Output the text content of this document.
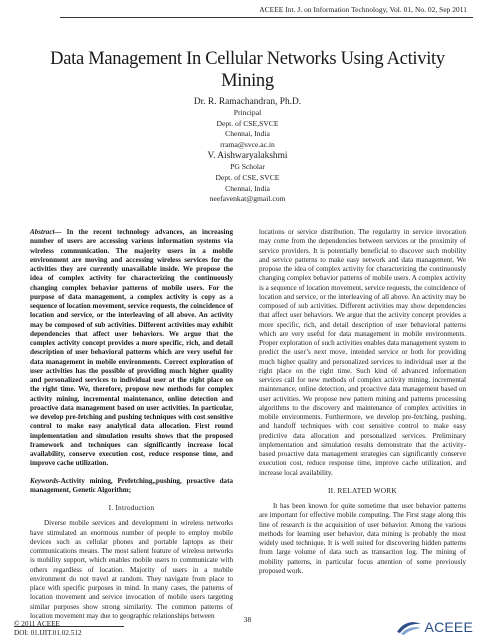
ACEEE Int. J. on Information Technology, Vol. 01, No. 02, Sep 2011
Data Management In Cellular Networks Using Activity Mining
Dr. R. Ramachandran, Ph.D.
Principal
Dept. of CSE,SVCE
Chennai, India
rrama@svce.ac.in
V. Aishwaryalakshmi
PG Scholar
Dept. of CSE, SVCE
Chennai, India
neefavenkat@gmail.com

Abstract— In the recent technology advances, an increasing number of users are accessing various information systems via wireless communication. The majority users in a mobile environment are moving and accessing wireless services for the activities they are currently unavailable inside. We propose the idea of complex activity for characterizing the continuously changing complex behavior patterns of mobile users. For the purpose of data management, a complex activity is copy as a sequence of location movement, service requests, the coincidence of location and service, or the interleaving of all above. An activity may be composed of sub activities. Different activities may exhibit dependencies that affect user behaviors. We argue that the complex activity concept provides a more specific, rich, and detail description of user behavioral patterns which are very useful for data management in mobile environments. Correct exploration of user activities has the possible of providing much higher quality and personalized services to individual user at the right place on the right time. We, therefore, propose new methods for complex activity mining, incremental maintenance, online detection and proactive data management based on user activities. In particular, we develop pre-fetching and pushing techniques with cost sensitive control to make easy analytical data allocation. First round implementation and simulation results shows that the proposed framework and techniques can significantly increase local availability, conserve execution cost, reduce response time, and improve cache utilization.

Keywords-Activity mining, Prefetching,,pushing, proactive data management, Genetic Algorithm;

I. Introduction

Diverse mobile services and development in wireless networks have stimulated an enormous number of people to employ mobile devices such as cellular phones and portable laptops as their communications means. The most salient feature of wireless networks is mobility support, which enables mobile users to communicate with others regardless of location. Majority of users in a mobile environment do not travel at random. They navigate from place to place with specific purposes in mind. In many cases, the patterns of location movement and service invocation of mobile users targeting similar purposes show strong similarity. The common patterns of location movement may due to geographic relationships between

locations or service distribution. The regularity in service invocation may come from the dependencies between services or the proximity of service providers. It is potentially beneficial to discover such mobility and service patterns to make easy network and data management. We propose the idea of complex activity for characterizing the continuously changing complex behavior patterns of mobile users. A complex activity is a sequence of location movement, service requests, the coincidence of location and service, or the interleaving of all above. An activity may be composed of sub activities. Different activities may show dependencies that affect user behaviors. We argue that the activity concept provides a more specific, rich, and detail description of user behavioral patterns which are very useful for data management in mobile environments. Proper exploration of such activities enables data management system to predict the user’s next move, intended service or both for providing much higher quality and personalized services to individual user at the right place on the right time. Such kind of advanced information services call for new methods of complex activity mining, incremental maintenance, online detection, and proactive data management based on user activities. We propose new pattern mining and patterns processing algorithms to the discovery and maintenance of complex activities in mobile environments. Furthermore, we develop pre-fetching, pushing, and handoff techniques with cost sensitive control to make easy predictive data allocation and personalized services. Preliminary implementation and simulation results demonstrate that the activity-based proactive data management strategies can significantly conserve execution cost, reduce response time, improve cache utilization, and increase local availability.

II. RELATED WORK

It has been known for quite sometime that user behavior patterns are important for effective mobile computing. The First stage along this line of research is the acquisition of user behavior. Among the various methods for learning user behavior, data mining is probably the most widely used technique. It is well suited for discovering hidden patterns from large volume of data such as transaction log. The mining of mobility patterns, in particular focus attention of some previously proposed work.

38
© 2011 ACEEE
DOI: 01.IJIT.01.02.512	ACEEE
